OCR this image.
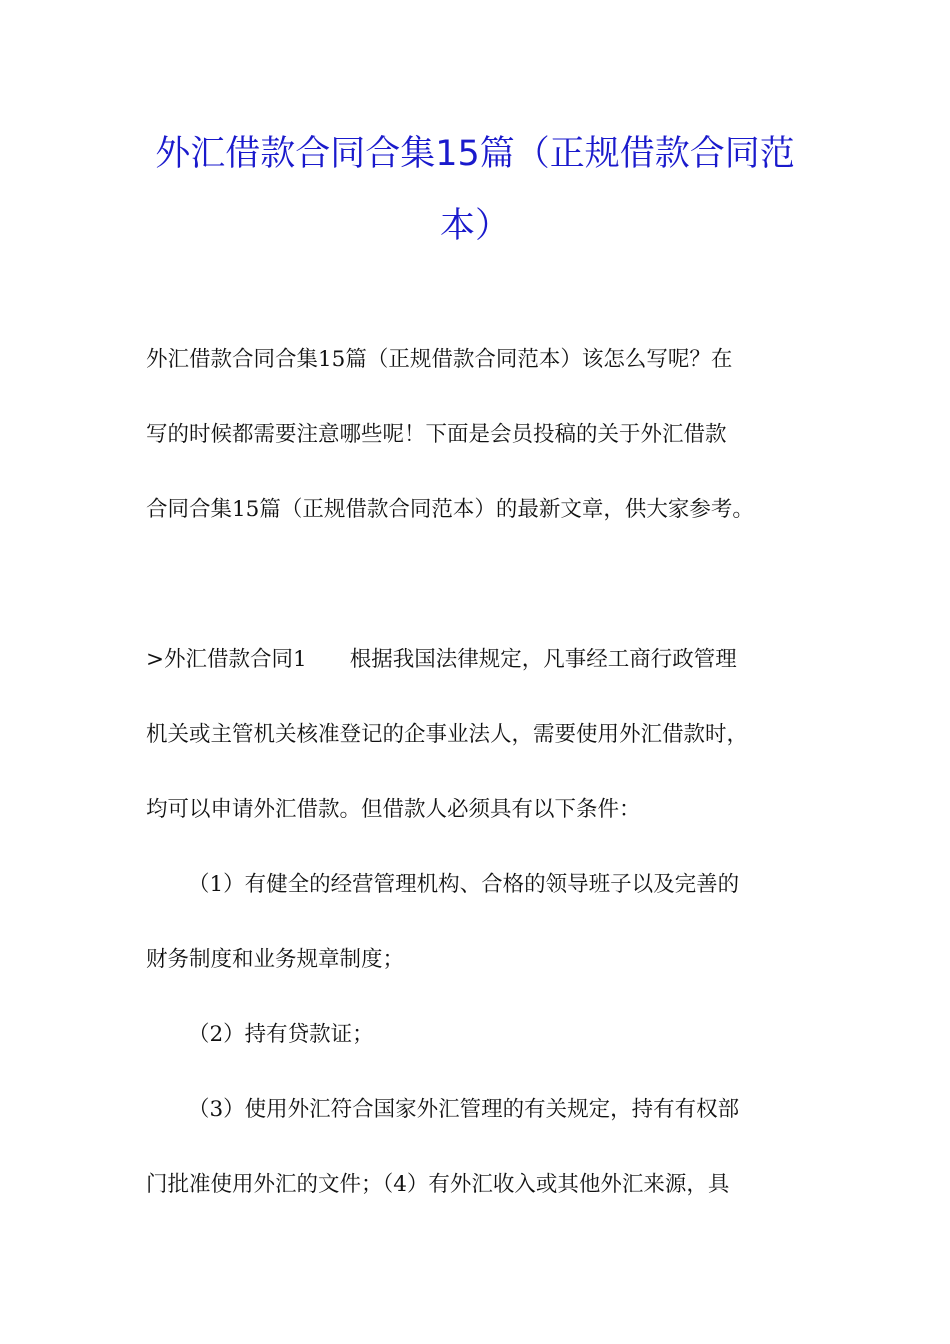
外汇借款合同合集15篇（正规借款合同范
本）
外汇借款合同合集15篇（正规借款合同范本）该怎么写呢？在
写的时候都需要注意哪些呢！下面是会员投稿的关于外汇借款
合同合集15篇（正规借款合同范本）的最新文章，供大家参考。
>外汇借款合同1　　根据我国法律规定，凡事经工商行政管理
机关或主管机关核准登记的企事业法人，需要使用外汇借款时，
均可以申请外汇借款。但借款人必须具有以下条件：
（1）有健全的经营管理机构、合格的领导班子以及完善的
财务制度和业务规章制度；
（2）持有贷款证；
（3）使用外汇符合国家外汇管理的有关规定，持有有权部
门批准使用外汇的文件；（4）有外汇收入或其他外汇来源，具
